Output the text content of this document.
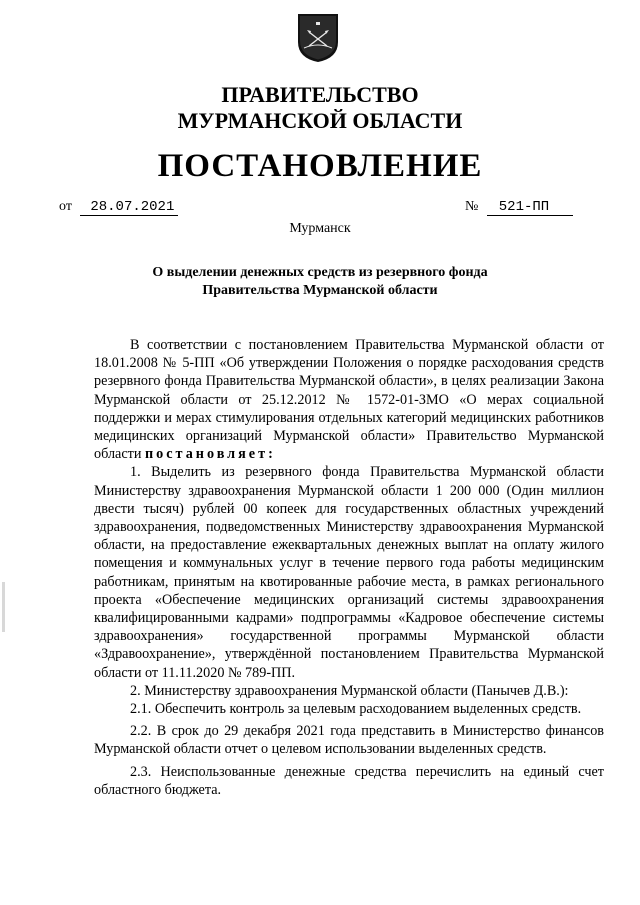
ПРАВИТЕЛЬСТВО
МУРМАНСКОЙ ОБЛАСТИ
ПОСТАНОВЛЕНИЕ
от 28.07.2021	№ 521-ПП
Мурманск
О выделении денежных средств из резервного фонда
Правительства Мурманской области

В соответствии с постановлением Правительства Мурманской области от 18.01.2008 № 5-ПП «Об утверждении Положения о порядке расходования средств резервного фонда Правительства Мурманской области», в целях реализации Закона Мурманской области от 25.12.2012 № 1572-01-ЗМО «О мерах социальной поддержки и мерах стимулирования отдельных категорий медицинских работников медицинских организаций Мурманской области» Правительство Мурманской области постановляет:

1. Выделить из резервного фонда Правительства Мурманской области Министерству здравоохранения Мурманской области 1 200 000 (Один миллион двести тысяч) рублей 00 копеек для государственных областных учреждений здравоохранения, подведомственных Министерству здравоохранения Мурманской области, на предоставление ежеквартальных денежных выплат на оплату жилого помещения и коммунальных услуг в течение первого года работы медицинским работникам, принятым на квотированные рабочие места, в рамках регионального проекта «Обеспечение медицинских организаций системы здравоохранения квалифицированными кадрами» подпрограммы «Кадровое обеспечение системы здравоохранения» государственной программы Мурманской области «Здравоохранение», утверждённой постановлением Правительства Мурманской области от 11.11.2020 № 789-ПП.

2. Министерству здравоохранения Мурманской области (Панычев Д.В.):

2.1. Обеспечить контроль за целевым расходованием выделенных средств.

2.2. В срок до 29 декабря 2021 года представить в Министерство финансов Мурманской области отчет о целевом использовании выделенных средств.

2.3. Неиспользованные денежные средства перечислить на единый счет областного бюджета.
